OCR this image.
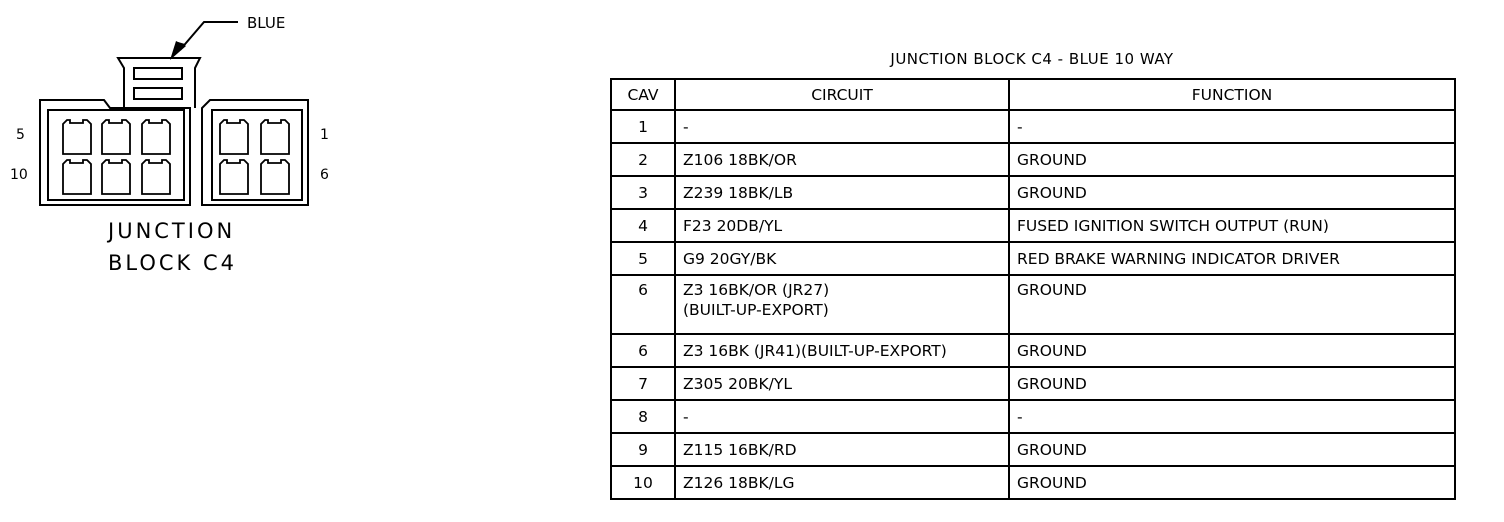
BLUE
5
10
1
6
JUNCTION
BLOCK C4
JUNCTION BLOCK C4 - BLUE 10 WAY
CAV	CIRCUIT	FUNCTION
1	-	-
2	Z106 18BK/OR	GROUND
3	Z239 18BK/LB	GROUND
4	F23 20DB/YL	FUSED IGNITION SWITCH OUTPUT (RUN)
5	G9 20GY/BK	RED BRAKE WARNING INDICATOR DRIVER
6	Z3 16BK/OR (JR27)
(BUILT-UP-EXPORT)	GROUND
6	Z3 16BK (JR41)(BUILT-UP-EXPORT)	GROUND
7	Z305 20BK/YL	GROUND
8	-	-
9	Z115 16BK/RD	GROUND
10	Z126 18BK/LG	GROUND
